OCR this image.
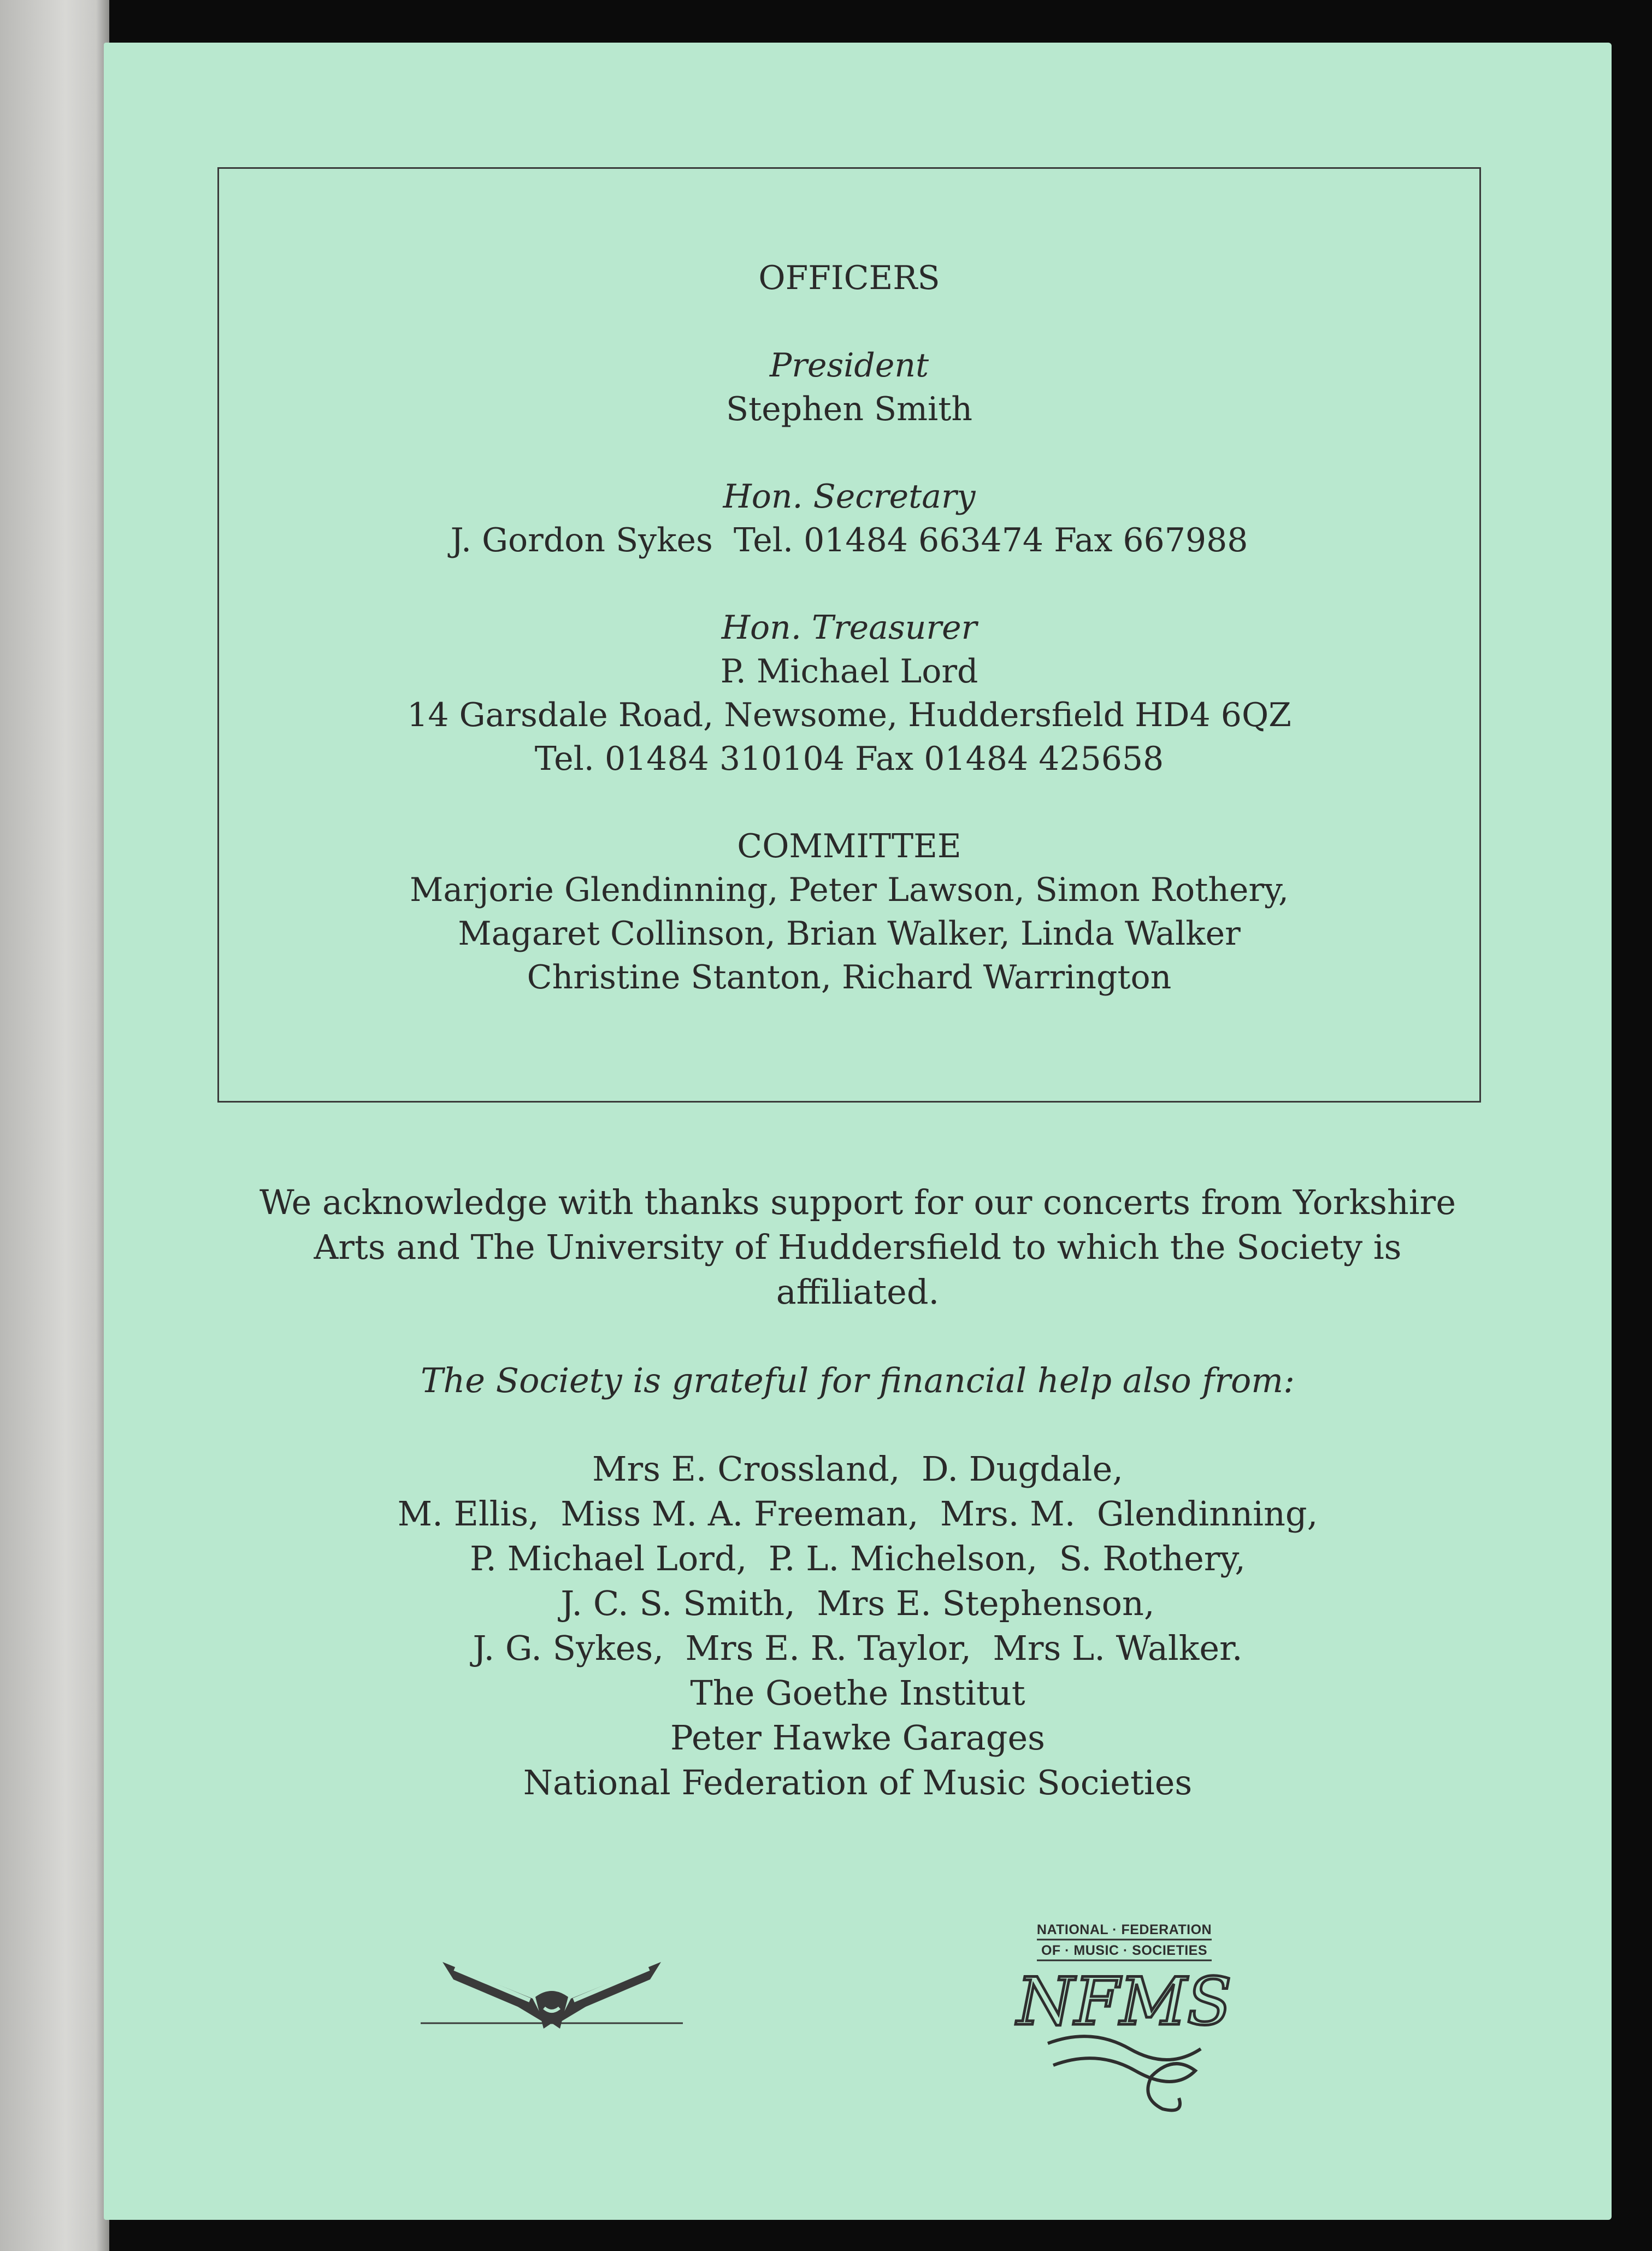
OFFICERS

President

Stephen Smith

Hon. Secretary

J. Gordon Sykes  Tel. 01484 663474 Fax 667988

Hon. Treasurer

P. Michael Lord

14 Garsdale Road, Newsome, Huddersfield HD4 6QZ

Tel. 01484 310104 Fax 01484 425658

COMMITTEE

Marjorie Glendinning, Peter Lawson, Simon Rothery,

Magaret Collinson, Brian Walker, Linda Walker

Christine Stanton, Richard Warrington

We acknowledge with thanks support for our concerts from Yorkshire

Arts and The University of Huddersfield to which the Society is

affiliated.

The Society is grateful for financial help also from:

Mrs E. Crossland,  D. Dugdale,

M. Ellis,  Miss M. A. Freeman,  Mrs. M.  Glendinning,

P. Michael Lord,  P. L. Michelson,  S. Rothery,

J. C. S. Smith,  Mrs E. Stephenson,

J. G. Sykes,  Mrs E. R. Taylor,  Mrs L. Walker.

The Goethe Institut

Peter Hawke Garages

National Federation of Music Societies

NATIONAL · FEDERATION
OF · MUSIC · SOCIETIES
NFMS
